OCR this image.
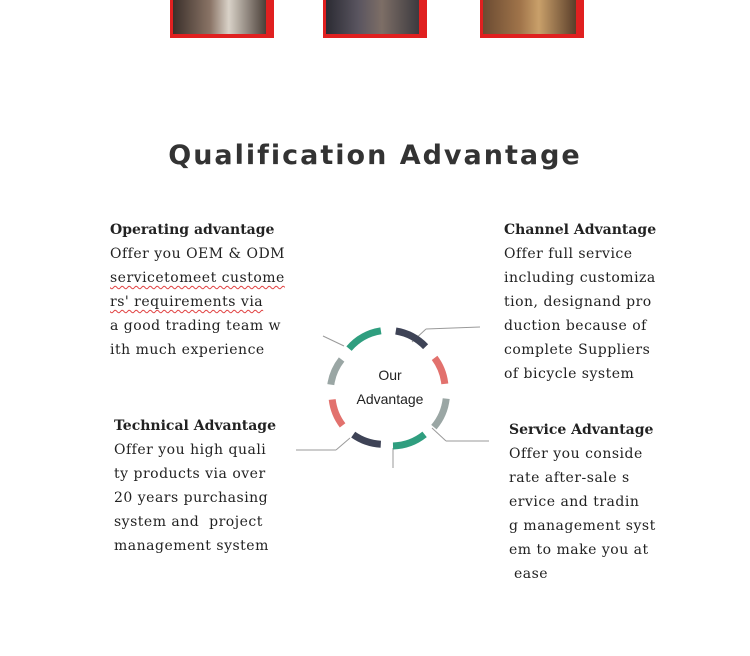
Qualification Advantage
Operating advantage
Offer you OEM & ODM
servicetomeet custome
rs' requirements via
a good trading team w
ith much experience
Channel Advantage
Offer full service
including customiza
tion, designand pro
duction because of
complete Suppliers
of bicycle system
Technical Advantage
Offer you high quali
ty products via over
20 years purchasing
system and  project
management system
Service Advantage
Offer you conside
rate after-sale s
ervice and tradin
g management syst
em to make you at
ease
Our
Advantage
